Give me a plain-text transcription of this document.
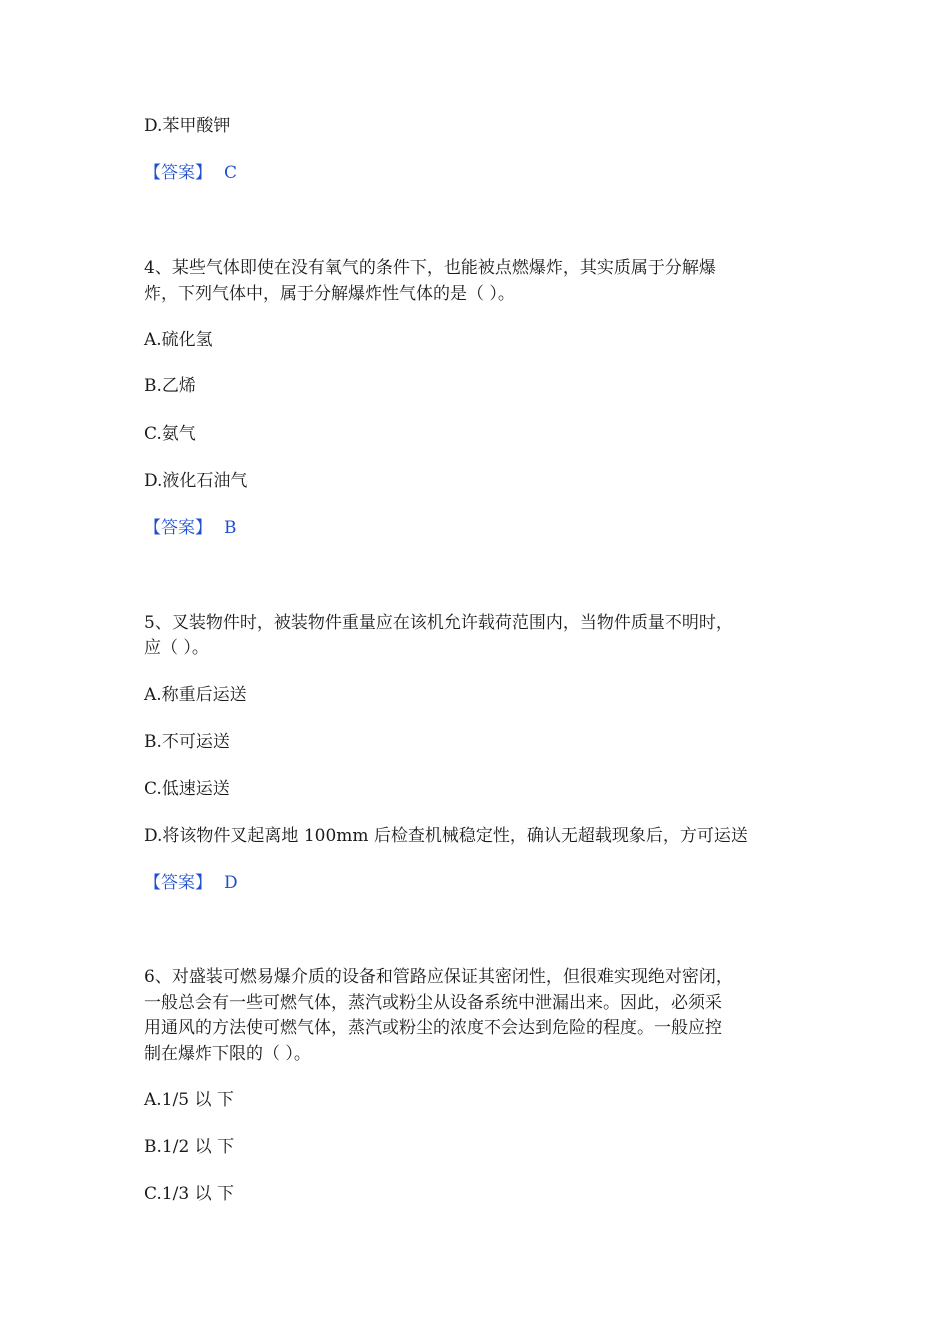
D.苯甲酸钾
【答案】 C
4、某些气体即使在没有氧气的条件下，也能被点燃爆炸，其实质属于分解爆
炸，下列气体中，属于分解爆炸性气体的是（ ）。
A.硫化氢
B.乙烯
C.氨气
D.液化石油气
【答案】 B
5、叉装物件时，被装物件重量应在该机允许载荷范围内，当物件质量不明时，
应（ ）。
A.称重后运送
B.不可运送
C.低速运送
D.将该物件叉起离地 100mm 后检查机械稳定性，确认无超载现象后，方可运送
【答案】 D
6、对盛装可燃易爆介质的设备和管路应保证其密闭性，但很难实现绝对密闭，
一般总会有一些可燃气体，蒸汽或粉尘从设备系统中泄漏出来。因此，必须采
用通风的方法使可燃气体，蒸汽或粉尘的浓度不会达到危险的程度。一般应控
制在爆炸下限的（ ）。
A.1/5 以 下
B.1/2 以 下
C.1/3 以 下
